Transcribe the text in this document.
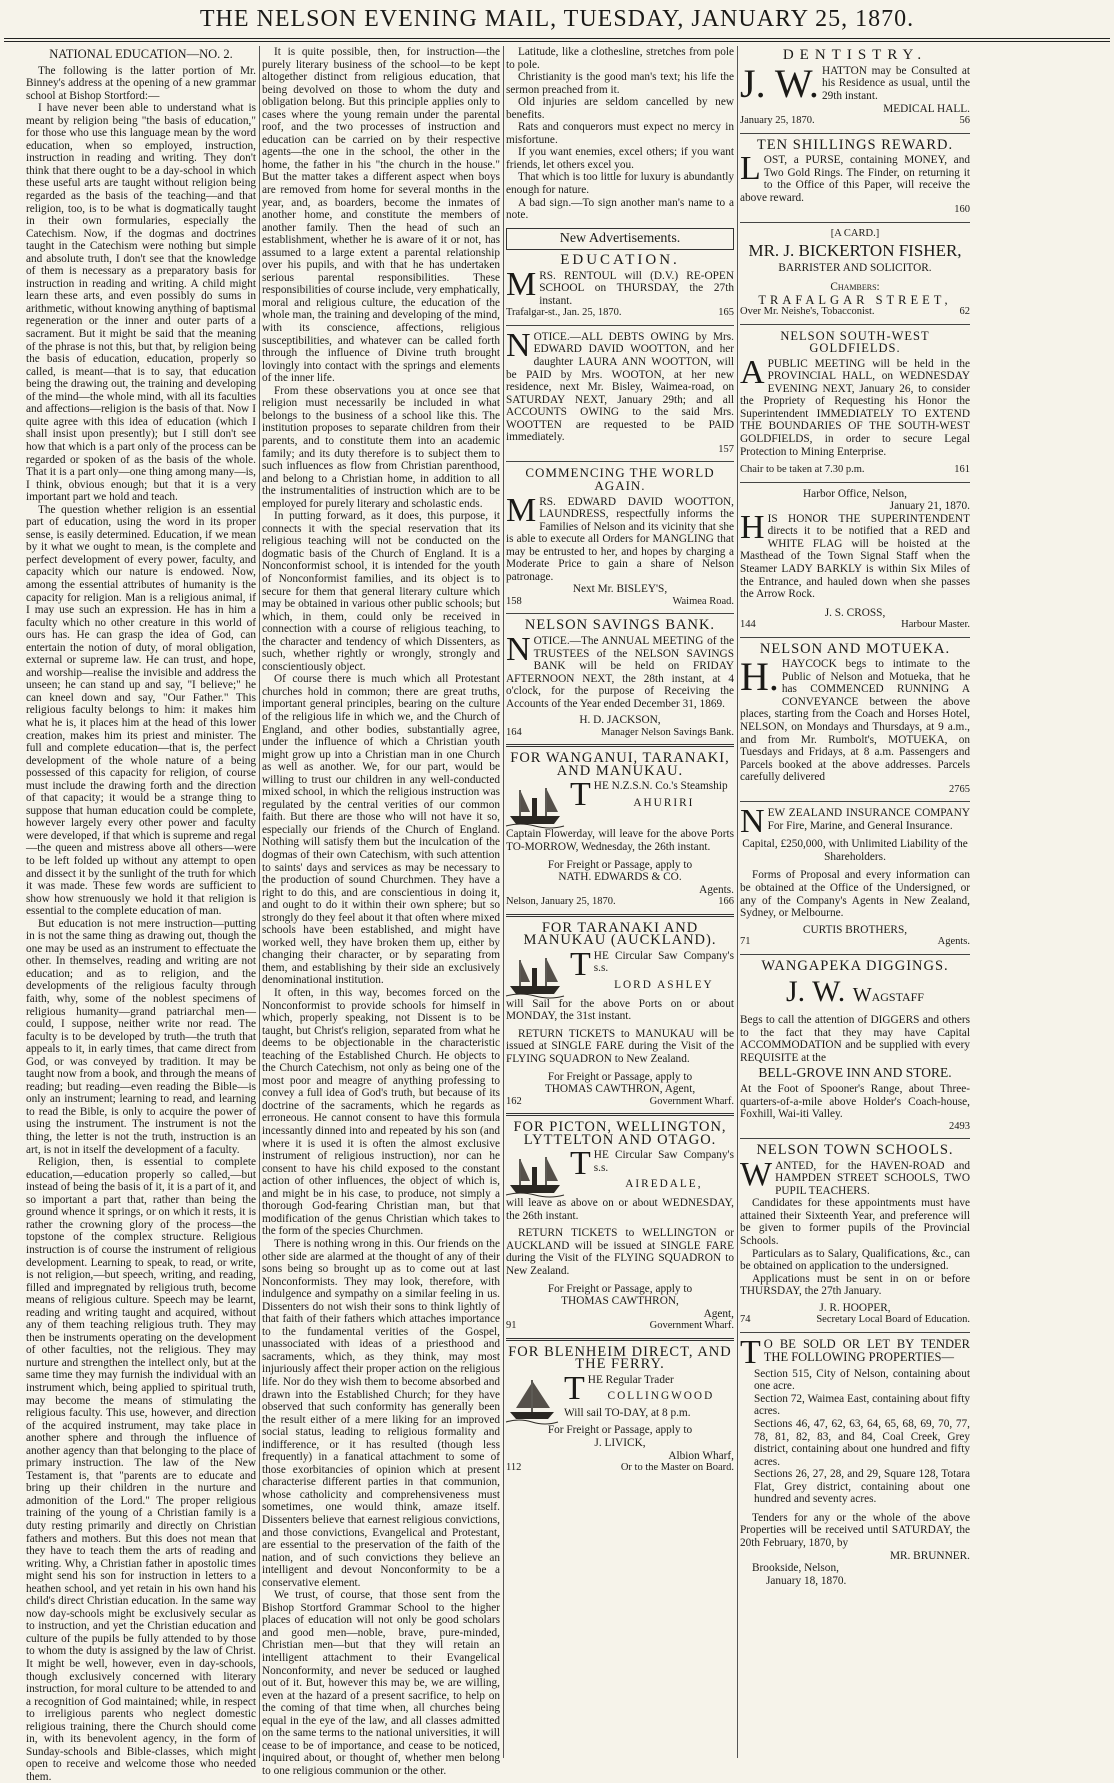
THE NELSON EVENING MAIL, TUESDAY, JANUARY 25, 1870.

NATIONAL EDUCATION—NO. 2.

The following is the latter portion of Mr. Binney's address at the opening of a new grammar school at Bishop Stortford:—

I have never been able to understand what is meant by religion being "the basis of education," for those who use this language mean by the word education, when so employed, instruction, instruction in reading and writing. They don't think that there ought to be a day-school in which these useful arts are taught without religion being regarded as the basis of the teaching—and that religion, too, is to be what is dogmatically taught in their own formularies, especially the Catechism. Now, if the dogmas and doctrines taught in the Catechism were nothing but simple and absolute truth, I don't see that the knowledge of them is necessary as a preparatory basis for instruction in reading and writing. A child might learn these arts, and even possibly do sums in arithmetic, without knowing anything of baptismal regeneration or the inner and outer parts of a sacrament. But it might be said that the meaning of the phrase is not this, but that, by religion being the basis of education, education, properly so called, is meant—that is to say, that education being the drawing out, the training and developing of the mind—the whole mind, with all its faculties and affections—religion is the basis of that. Now I quite agree with this idea of education (which I shall insist upon presently); but I still don't see how that which is a part only of the process can be regarded or spoken of as the basis of the whole. That it is a part only—one thing among many—is, I think, obvious enough; but that it is a very important part we hold and teach.

The question whether religion is an essential part of education, using the word in its proper sense, is easily determined. Education, if we mean by it what we ought to mean, is the complete and perfect development of every power, faculty, and capacity which our nature is endowed. Now, among the essential attributes of humanity is the capacity for religion. Man is a religious animal, if I may use such an expression. He has in him a faculty which no other creature in this world of ours has. He can grasp the idea of God, can entertain the notion of duty, of moral obligation, external or supreme law. He can trust, and hope, and worship—realise the invisible and address the unseen; he can stand up and say, "I believe;" he can kneel down and say, "Our Father." This religious faculty belongs to him: it makes him what he is, it places him at the head of this lower creation, makes him its priest and minister. The full and complete education—that is, the perfect development of the whole nature of a being possessed of this capacity for religion, of course must include the drawing forth and the direction of that capacity; it would be a strange thing to suppose that human education could be complete, however largely every other power and faculty were developed, if that which is supreme and regal—the queen and mistress above all others—were to be left folded up without any attempt to open and dissect it by the sunlight of the truth for which it was made. These few words are sufficient to show how strenuously we hold it that religion is essential to the complete education of man.

But education is not mere instruction—putting in is not the same thing as drawing out, though the one may be used as an instrument to effectuate the other. In themselves, reading and writing are not education; and as to religion, and the developments of the religious faculty through faith, why, some of the noblest specimens of religious humanity—grand patriarchal men—could, I suppose, neither write nor read. The faculty is to be developed by truth—the truth that appeals to it, in early times, that came direct from God, or was conveyed by tradition. It may be taught now from a book, and through the means of reading; but reading—even reading the Bible—is only an instrument; learning to read, and learning to read the Bible, is only to acquire the power of using the instrument. The instrument is not the thing, the letter is not the truth, instruction is an art, is not in itself the development of a faculty.

Religion, then, is essential to complete education,—education properly so called,—but instead of being the basis of it, it is a part of it, and so important a part that, rather than being the ground whence it springs, or on which it rests, it is rather the crowning glory of the process—the topstone of the complex structure. Religious instruction is of course the instrument of religious development. Learning to speak, to read, or write, is not religion,—but speech, writing, and reading, filled and impregnated by religious truth, become means of religious culture. Speech may be learnt, reading and writing taught and acquired, without any of them teaching religious truth. They may then be instruments operating on the development of other faculties, not the religious. They may nurture and strengthen the intellect only, but at the same time they may furnish the individual with an instrument which, being applied to spiritual truth, may become the means of stimulating the religious faculty. This use, however, and direction of the acquired instrument, may take place in another sphere and through the influence of another agency than that belonging to the place of primary instruction. The law of the New Testament is, that "parents are to educate and bring up their children in the nurture and admonition of the Lord." The proper religious training of the young of a Christian family is a duty resting primarily and directly on Christian fathers and mothers. But this does not mean that they have to teach them the arts of reading and writing. Why, a Christian father in apostolic times might send his son for instruction in letters to a heathen school, and yet retain in his own hand his child's direct Christian education. In the same way now day-schools might be exclusively secular as to instruction, and yet the Christian education and culture of the pupils be fully attended to by those to whom the duty is assigned by the law of Christ. It might be well, however, even in day-schools, though exclusively concerned with literary instruction, for moral culture to be attended to and a recognition of God maintained; while, in respect to irreligious parents who neglect domestic religious training, there the Church should come in, with its benevolent agency, in the form of Sunday-schools and Bible-classes, which might open to receive and welcome those who needed them.

It is quite possible, then, for instruction—the purely literary business of the school—to be kept altogether distinct from religious education, that being devolved on those to whom the duty and obligation belong. But this principle applies only to cases where the young remain under the parental roof, and the two processes of instruction and education can be carried on by their respective agents—the one in the school, the other in the home, the father in his "the church in the house." But the matter takes a different aspect when boys are removed from home for several months in the year, and, as boarders, become the inmates of another home, and constitute the members of another family. Then the head of such an establishment, whether he is aware of it or not, has assumed to a large extent a parental relationship over his pupils, and with that he has undertaken serious parental responsibilities. These responsibilities of course include, very emphatically, moral and religious culture, the education of the whole man, the training and developing of the mind, with its conscience, affections, religious susceptibilities, and whatever can be called forth through the influence of Divine truth brought lovingly into contact with the springs and elements of the inner life.

From these observations you at once see that religion must necessarily be included in what belongs to the business of a school like this. The institution proposes to separate children from their parents, and to constitute them into an academic family; and its duty therefore is to subject them to such influences as flow from Christian parenthood, and belong to a Christian home, in addition to all the instrumentalities of instruction which are to be employed for purely literary and scholastic ends.

In putting forward, as it does, this purpose, it connects it with the special reservation that its religious teaching will not be conducted on the dogmatic basis of the Church of England. It is a Nonconformist school, it is intended for the youth of Nonconformist families, and its object is to secure for them that general literary culture which may be obtained in various other public schools; but which, in them, could only be received in connection with a course of religious teaching, to the character and tendency of which Dissenters, as such, whether rightly or wrongly, strongly and conscientiously object.

Of course there is much which all Protestant churches hold in common; there are great truths, important general principles, bearing on the culture of the religious life in which we, and the Church of England, and other bodies, substantially agree, under the influence of which a Christian youth might grow up into a Christian man in one Church as well as another. We, for our part, would be willing to trust our children in any well-conducted mixed school, in which the religious instruction was regulated by the central verities of our common faith. But there are those who will not have it so, especially our friends of the Church of England. Nothing will satisfy them but the inculcation of the dogmas of their own Catechism, with such attention to saints' days and services as may be necessary to the production of sound Churchmen. They have a right to do this, and are conscientious in doing it, and ought to do it within their own sphere; but so strongly do they feel about it that often where mixed schools have been established, and might have worked well, they have broken them up, either by changing their character, or by separating from them, and establishing by their side an exclusively denominational institution.

It often, in this way, becomes forced on the Nonconformist to provide schools for himself in which, properly speaking, not Dissent is to be taught, but Christ's religion, separated from what he deems to be objectionable in the characteristic teaching of the Established Church. He objects to the Church Catechism, not only as being one of the most poor and meagre of anything professing to convey a full idea of God's truth, but because of its doctrine of the sacraments, which he regards as erroneous. He cannot consent to have this formula incessantly dinned into and repeated by his son (and where it is used it is often the almost exclusive instrument of religious instruction), nor can he consent to have his child exposed to the constant action of other influences, the object of which is, and might be in his case, to produce, not simply a thorough God-fearing Christian man, but that modification of the genus Christian which takes to the form of the species Churchmen.

There is nothing wrong in this. Our friends on the other side are alarmed at the thought of any of their sons being so brought up as to come out at last Nonconformists. They may look, therefore, with indulgence and sympathy on a similar feeling in us. Dissenters do not wish their sons to think lightly of that faith of their fathers which attaches importance to the fundamental verities of the Gospel, unassociated with ideas of a priesthood and sacraments, which, as they think, may most injuriously affect their proper action on the religious life. Nor do they wish them to become absorbed and drawn into the Established Church; for they have observed that such conformity has generally been the result either of a mere liking for an improved social status, leading to religious formality and indifference, or it has resulted (though less frequently) in a fanatical attachment to some of those exorbitancies of opinion which at present characterise different parties in that communion, whose catholicity and comprehensiveness must sometimes, one would think, amaze itself. Dissenters believe that earnest religious convictions, and those convictions, Evangelical and Protestant, are essential to the preservation of the faith of the nation, and of such convictions they believe an intelligent and devout Nonconformity to be a conservative element.

We trust, of course, that those sent from the Bishop Stortford Grammar School to the higher places of education will not only be good scholars and good men—noble, brave, pure-minded, Christian men—but that they will retain an intelligent attachment to their Evangelical Nonconformity, and never be seduced or laughed out of it. But, however this may be, we are willing, even at the hazard of a present sacrifice, to help on the coming of that time when, all churches being equal in the eye of the law, and all classes admitted on the same terms to the national universities, it will cease to be of importance, and cease to be noticed, inquired about, or thought of, whether men belong to one religious communion or the other.

Latitude, like a clothesline, stretches from pole to pole.

Christianity is the good man's text; his life the sermon preached from it.

Old injuries are seldom cancelled by new benefits.

Rats and conquerors must expect no mercy in misfortune.

If you want enemies, excel others; if you want friends, let others excel you.

That which is too little for luxury is abundantly enough for nature.

A bad sign.—To sign another man's name to a note.

New Advertisements.

EDUCATION.

MRS. RENTOUL will (D.V.) RE-OPEN SCHOOL on THURSDAY, the 27th instant.
Trafalgar-st., Jan. 25, 1870.	165
NOTICE.—ALL DEBTS OWING by Mrs. EDWARD DAVID WOOTTON, and her daughter LAURA ANN WOOTTON, will be PAID by Mrs. WOOTON, at her new residence, next Mr. Bisley, Waimea-road, on SATURDAY NEXT, January 29th; and all ACCOUNTS OWING to the said Mrs. WOOTTEN are requested to be PAID immediately.
157

COMMENCING THE WORLD AGAIN.

MRS. EDWARD DAVID WOOTTON, LAUNDRESS, respectfully informs the Families of Nelson and its vicinity that she is able to execute all Orders for MANGLING that may be entrusted to her, and hopes by charging a Moderate Price to gain a share of Nelson patronage.

Next Mr. BISLEY'S,

158	Waimea Road.

NELSON SAVINGS BANK.

NOTICE.—The ANNUAL MEETING of the TRUSTEES of the NELSON SAVINGS BANK will be held on FRIDAY AFTERNOON NEXT, the 28th instant, at 4 o'clock, for the purpose of Receiving the Accounts of the Year ended December 31, 1869.

H. D. JACKSON,

164	Manager Nelson Savings Bank.

FOR WANGANUI, TARANAKI, AND MANUKAU.

THE N.Z.S.N. Co.'s Steamship

AHURIRI

Captain Flowerday, will leave for the above Ports TO-MORROW, Wednesday, the 26th instant.

For Freight or Passage, apply to

NATH. EDWARDS & CO.

Agents.

Nelson, January 25, 1870.	166

FOR TARANAKI AND MANUKAU (AUCKLAND).

THE Circular Saw Company's s.s.

LORD ASHLEY

will Sail for the above Ports on or about MONDAY, the 31st instant.

RETURN TICKETS to MANUKAU will be issued at SINGLE FARE during the Visit of the FLYING SQUADRON to New Zealand.

For Freight or Passage, apply to

THOMAS CAWTHRON, Agent,

162	Government Wharf.

FOR PICTON, WELLINGTON, LYTTELTON AND OTAGO.

THE Circular Saw Company's s.s.

AIREDALE,

will leave as above on or about WEDNESDAY, the 26th instant.

RETURN TICKETS to WELLINGTON or AUCKLAND will be issued at SINGLE FARE during the Visit of the FLYING SQUADRON to New Zealand.

For Freight or Passage, apply to

THOMAS CAWTHRON,

Agent,

91	Government Wharf.

FOR BLENHEIM DIRECT, AND THE FERRY.

THE Regular Trader

COLLINGWOOD

Will sail TO-DAY, at 8 p.m.

For Freight or Passage, apply to

J. LIVICK,

Albion Wharf,

112	Or to the Master on Board.

DENTISTRY.

J. W. HATTON may be Consulted at his Residence as usual, until the 29th instant.

MEDICAL HALL.

January 25, 1870.	56

TEN SHILLINGS REWARD.

LOST, a PURSE, containing MONEY, and Two Gold Rings. The Finder, on returning it to the Office of this Paper, will receive the above reward.
160

[A CARD.]

MR. J. BICKERTON FISHER,

BARRISTER AND SOLICITOR.

Chambers:

TRAFALGAR STREET,

Over Mr. Neishe's, Tobacconist.	62

NELSON SOUTH-WEST GOLDFIELDS.

APUBLIC MEETING will be held in the PROVINCIAL HALL, on WEDNESDAY EVENING NEXT, January 26, to consider the Propriety of Requesting his Honor the Superintendent IMMEDIATELY TO EXTEND THE BOUNDARIES OF THE SOUTH-WEST GOLDFIELDS, in order to secure Legal Protection to Mining Enterprise.
Chair to be taken at 7.30 p.m.	161

Harbor Office, Nelson,

January 21, 1870.

H IS HONOR THE SUPERINTENDENT directs it to be notified that a RED and WHITE FLAG will be hoisted at the Masthead of the Town Signal Staff when the Steamer LADY BARKLY is within Six Miles of the Entrance, and hauled down when she passes the Arrow Rock.

J. S. CROSS,

144	Harbour Master.

NELSON AND MOTUEKA.

H. HAYCOCK begs to intimate to the Public of Nelson and Motueka, that he has COMMENCED RUNNING A CONVEYANCE between the above places, starting from the Coach and Horses Hotel, NELSON, on Mondays and Thursdays, at 9 a.m., and from Mr. Rumbolt's, MOTUEKA, on Tuesdays and Fridays, at 8 a.m. Passengers and Parcels booked at the above addresses. Parcels carefully delivered
2765
NEW ZEALAND INSURANCE COMPANY For Fire, Marine, and General Insurance.

Capital, £250,000, with Unlimited Liability of the Shareholders.

Forms of Proposal and every information can be obtained at the Office of the Undersigned, or any of the Company's Agents in New Zealand, Sydney, or Melbourne.

CURTIS BROTHERS,

71	Agents.

WANGAPEKA DIGGINGS.

J. W. WAGSTAFF

Begs to call the attention of DIGGERS and others to the fact that they may have Capital ACCOMMODATION and be supplied with every REQUISITE at the

BELL-GROVE INN AND STORE.

At the Foot of Spooner's Range, about Three-quarters-of-a-mile above Holder's Coach-house, Foxhill, Wai-iti Valley.

2493

NELSON TOWN SCHOOLS.

WANTED, for the HAVEN-ROAD and HAMPDEN STREET SCHOOLS, TWO PUPIL TEACHERS.

Candidates for these appointments must have attained their Sixteenth Year, and preference will be given to former pupils of the Provincial Schools.

Particulars as to Salary, Qualifications, &c., can be obtained on application to the undersigned.

Applications must be sent in on or before THURSDAY, the 27th January.

J. R. HOOPER,

74	Secretary Local Board of Education.
T O BE SOLD OR LET BY TENDER THE FOLLOWING PROPERTIES—

Section 515, City of Nelson, containing about one acre.

Section 72, Waimea East, containing about fifty acres.

Sections 46, 47, 62, 63, 64, 65, 68, 69, 70, 77, 78, 81, 82, 83, and 84, Coal Creek, Grey district, containing about one hundred and fifty acres.

Sections 26, 27, 28, and 29, Square 128, Totara Flat, Grey district, containing about one hundred and seventy acres.

Tenders for any or the whole of the above Properties will be received until SATURDAY, the 20th February, 1870, by

MR. BRUNNER.

Brookside, Nelson,

January 18, 1870.
